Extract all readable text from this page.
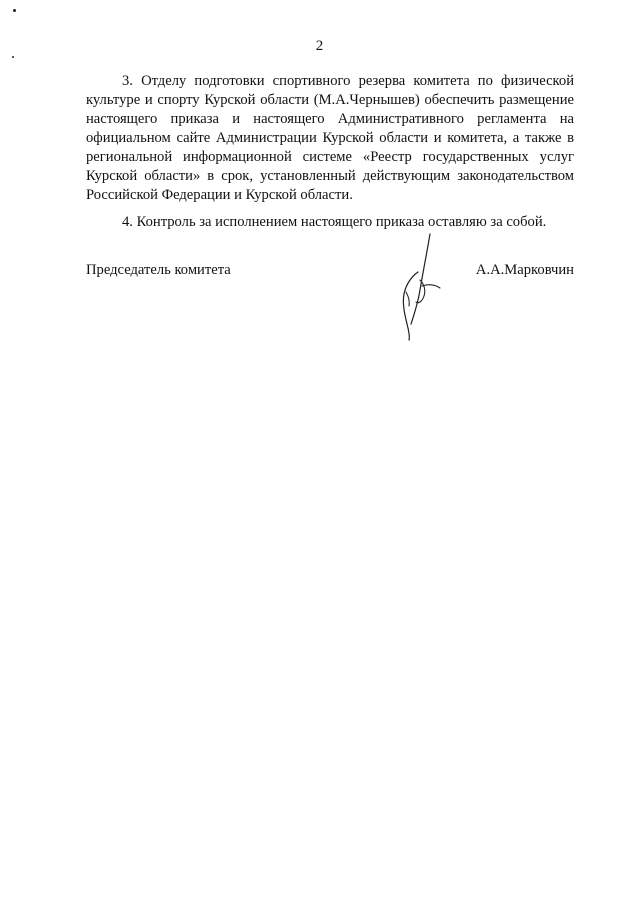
2

3. Отделу подготовки спортивного резерва комитета по физической культуре и спорту Курской области (М.А.Чернышев) обеспечить размещение настоящего приказа и настоящего Административного регламента на официальном сайте Администрации Курской области и комитета, а также в региональной информационной системе «Реестр государственных услуг Курской области» в срок, установленный действующим законодательством Российской Федерации и Курской области.

4. Контроль за исполнением настоящего приказа оставляю за собой.

Председатель комитета	А.А.Марковчин
